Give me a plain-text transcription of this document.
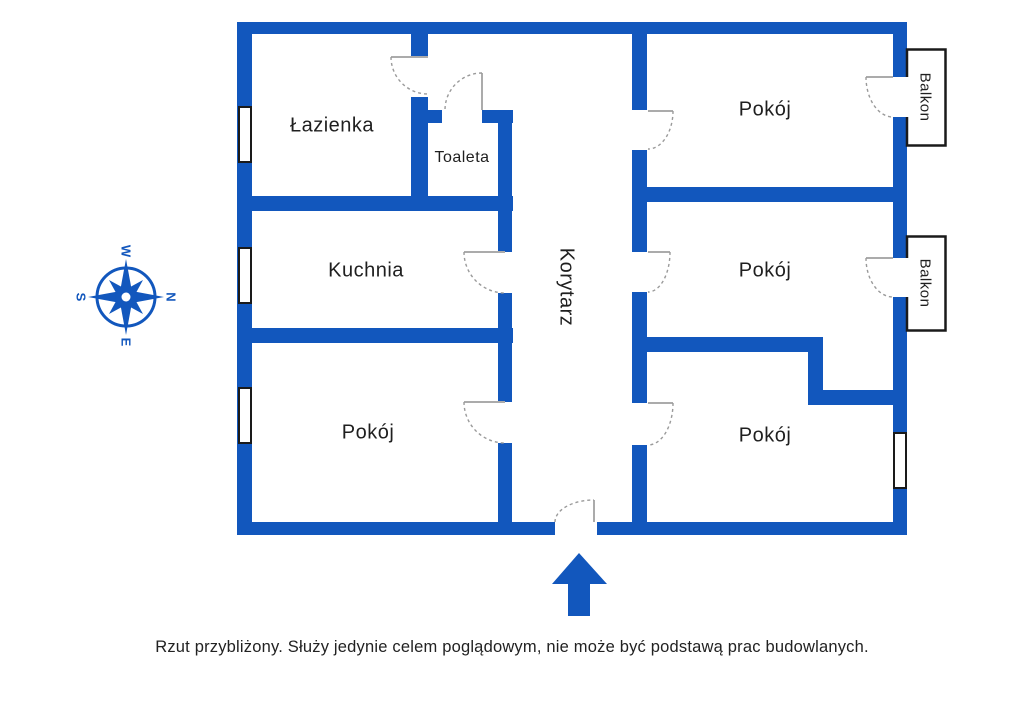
Łazienka
Toaleta
Kuchnia
Pokój
Korytarz
Pokój
Pokój
Pokój
Balkon
Balkon
W
N
E
S
Rzut przybliżony. Służy jedynie celem poglądowym, nie może być podstawą prac budowlanych.
